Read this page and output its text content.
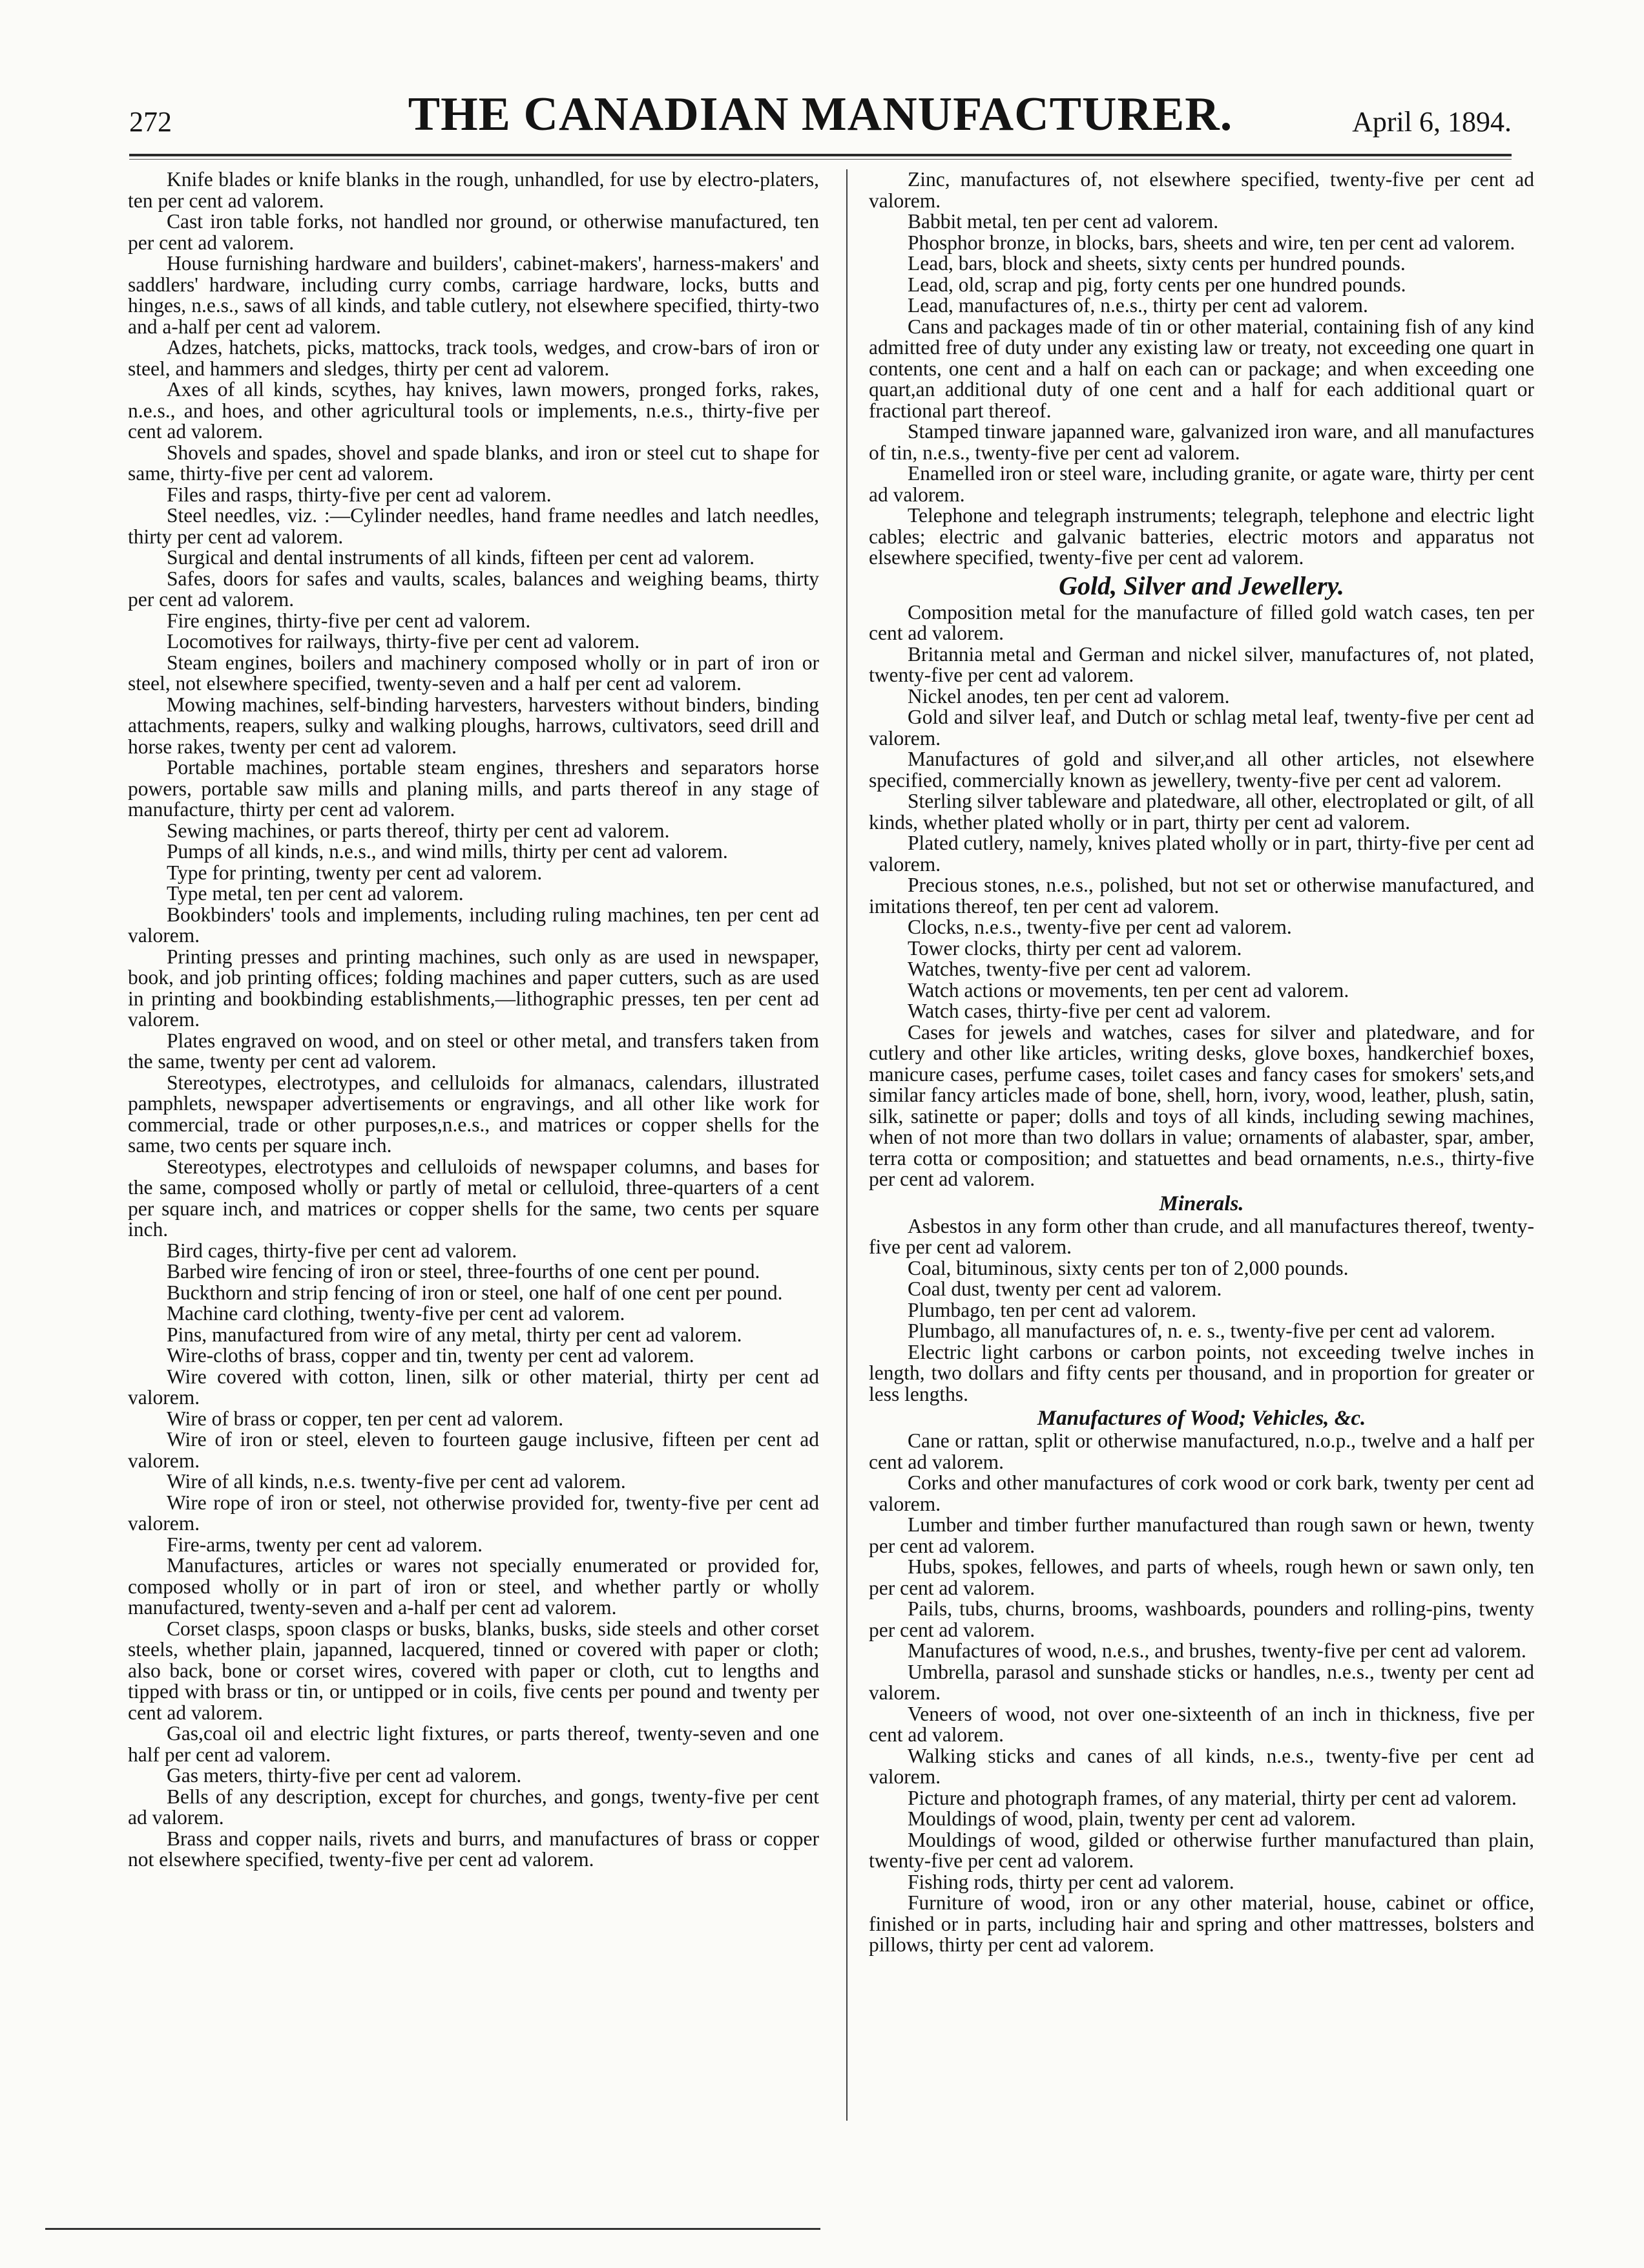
272	THE CANADIAN MANUFACTURER.	April 6, 1894.

Knife blades or knife blanks in the rough, unhandled, for use by electro-platers, ten per cent ad valorem.

Cast iron table forks, not handled nor ground, or otherwise manufactured, ten per cent ad valorem.

House furnishing hardware and builders', cabinet-makers', harness-makers' and saddlers' hardware, including curry combs, carriage hardware, locks, butts and hinges, n.e.s., saws of all kinds, and table cutlery, not elsewhere specified, thirty-two and a-half per cent ad valorem.

Adzes, hatchets, picks, mattocks, track tools, wedges, and crow-bars of iron or steel, and hammers and sledges, thirty per cent ad valorem.

Axes of all kinds, scythes, hay knives, lawn mowers, pronged forks, rakes, n.e.s., and hoes, and other agricultural tools or implements, n.e.s., thirty-five per cent ad valorem.

Shovels and spades, shovel and spade blanks, and iron or steel cut to shape for same, thirty-five per cent ad valorem.

Files and rasps, thirty-five per cent ad valorem.

Steel needles, viz. :—Cylinder needles, hand frame needles and latch needles, thirty per cent ad valorem.

Surgical and dental instruments of all kinds, fifteen per cent ad valorem.

Safes, doors for safes and vaults, scales, balances and weighing beams, thirty per cent ad valorem.

Fire engines, thirty-five per cent ad valorem.

Locomotives for railways, thirty-five per cent ad valorem.

Steam engines, boilers and machinery composed wholly or in part of iron or steel, not elsewhere specified, twenty-seven and a half per cent ad valorem.

Mowing machines, self-binding harvesters, harvesters without binders, binding attachments, reapers, sulky and walking ploughs, harrows, cultivators, seed drill and horse rakes, twenty per cent ad valorem.

Portable machines, portable steam engines, threshers and separators horse powers, portable saw mills and planing mills, and parts thereof in any stage of manufacture, thirty per cent ad valorem.

Sewing machines, or parts thereof, thirty per cent ad valorem.

Pumps of all kinds, n.e.s., and wind mills, thirty per cent ad valorem.

Type for printing, twenty per cent ad valorem.

Type metal, ten per cent ad valorem.

Bookbinders' tools and implements, including ruling machines, ten per cent ad valorem.

Printing presses and printing machines, such only as are used in newspaper, book, and job printing offices; folding machines and paper cutters, such as are used in printing and bookbinding establishments,—lithographic presses, ten per cent ad valorem.

Plates engraved on wood, and on steel or other metal, and transfers taken from the same, twenty per cent ad valorem.

Stereotypes, electrotypes, and celluloids for almanacs, calendars, illustrated pamphlets, newspaper advertisements or engravings, and all other like work for commercial, trade or other purposes,n.e.s., and matrices or copper shells for the same, two cents per square inch.

Stereotypes, electrotypes and celluloids of newspaper columns, and bases for the same, composed wholly or partly of metal or celluloid, three-quarters of a cent per square inch, and matrices or copper shells for the same, two cents per square inch.

Bird cages, thirty-five per cent ad valorem.

Barbed wire fencing of iron or steel, three-fourths of one cent per pound.

Buckthorn and strip fencing of iron or steel, one half of one cent per pound.

Machine card clothing, twenty-five per cent ad valorem.

Pins, manufactured from wire of any metal, thirty per cent ad valorem.

Wire-cloths of brass, copper and tin, twenty per cent ad valorem.

Wire covered with cotton, linen, silk or other material, thirty per cent ad valorem.

Wire of brass or copper, ten per cent ad valorem.

Wire of iron or steel, eleven to fourteen gauge inclusive, fifteen per cent ad valorem.

Wire of all kinds, n.e.s. twenty-five per cent ad valorem.

Wire rope of iron or steel, not otherwise provided for, twenty-five per cent ad valorem.

Fire-arms, twenty per cent ad valorem.

Manufactures, articles or wares not specially enumerated or provided for, composed wholly or in part of iron or steel, and whether partly or wholly manufactured, twenty-seven and a-half per cent ad valorem.

Corset clasps, spoon clasps or busks, blanks, busks, side steels and other corset steels, whether plain, japanned, lacquered, tinned or covered with paper or cloth; also back, bone or corset wires, covered with paper or cloth, cut to lengths and tipped with brass or tin, or untipped or in coils, five cents per pound and twenty per cent ad valorem.

Gas,coal oil and electric light fixtures, or parts thereof, twenty-seven and one half per cent ad valorem.

Gas meters, thirty-five per cent ad valorem.

Bells of any description, except for churches, and gongs, twenty-five per cent ad valorem.

Brass and copper nails, rivets and burrs, and manufactures of brass or copper not elsewhere specified, twenty-five per cent ad valorem.

Zinc, manufactures of, not elsewhere specified, twenty-five per cent ad valorem.

Babbit metal, ten per cent ad valorem.

Phosphor bronze, in blocks, bars, sheets and wire, ten per cent ad valorem.

Lead, bars, block and sheets, sixty cents per hundred pounds.

Lead, old, scrap and pig, forty cents per one hundred pounds.

Lead, manufactures of, n.e.s., thirty per cent ad valorem.

Cans and packages made of tin or other material, containing fish of any kind admitted free of duty under any existing law or treaty, not exceeding one quart in contents, one cent and a half on each can or package; and when exceeding one quart,an additional duty of one cent and a half for each additional quart or fractional part thereof.

Stamped tinware japanned ware, galvanized iron ware, and all manufactures of tin, n.e.s., twenty-five per cent ad valorem.

Enamelled iron or steel ware, including granite, or agate ware, thirty per cent ad valorem.

Telephone and telegraph instruments; telegraph, telephone and electric light cables; electric and galvanic batteries, electric motors and apparatus not elsewhere specified, twenty-five per cent ad valorem.

Gold, Silver and Jewellery.

Composition metal for the manufacture of filled gold watch cases, ten per cent ad valorem.

Britannia metal and German and nickel silver, manufactures of, not plated, twenty-five per cent ad valorem.

Nickel anodes, ten per cent ad valorem.

Gold and silver leaf, and Dutch or schlag metal leaf, twenty-five per cent ad valorem.

Manufactures of gold and silver,and all other articles, not elsewhere specified, commercially known as jewellery, twenty-five per cent ad valorem.

Sterling silver tableware and platedware, all other, electroplated or gilt, of all kinds, whether plated wholly or in part, thirty per cent ad valorem.

Plated cutlery, namely, knives plated wholly or in part, thirty-five per cent ad valorem.

Precious stones, n.e.s., polished, but not set or otherwise manufactured, and imitations thereof, ten per cent ad valorem.

Clocks, n.e.s., twenty-five per cent ad valorem.

Tower clocks, thirty per cent ad valorem.

Watches, twenty-five per cent ad valorem.

Watch actions or movements, ten per cent ad valorem.

Watch cases, thirty-five per cent ad valorem.

Cases for jewels and watches, cases for silver and platedware, and for cutlery and other like articles, writing desks, glove boxes, handkerchief boxes, manicure cases, perfume cases, toilet cases and fancy cases for smokers' sets,and similar fancy articles made of bone, shell, horn, ivory, wood, leather, plush, satin, silk, satinette or paper; dolls and toys of all kinds, including sewing machines, when of not more than two dollars in value; ornaments of alabaster, spar, amber, terra cotta or composition; and statuettes and bead ornaments, n.e.s., thirty-five per cent ad valorem.

Minerals.

Asbestos in any form other than crude, and all manufactures thereof, twenty-five per cent ad valorem.

Coal, bituminous, sixty cents per ton of 2,000 pounds.

Coal dust, twenty per cent ad valorem.

Plumbago, ten per cent ad valorem.

Plumbago, all manufactures of, n. e. s., twenty-five per cent ad valorem.

Electric light carbons or carbon points, not exceeding twelve inches in length, two dollars and fifty cents per thousand, and in proportion for greater or less lengths.

Manufactures of Wood; Vehicles, &c.

Cane or rattan, split or otherwise manufactured, n.o.p., twelve and a half per cent ad valorem.

Corks and other manufactures of cork wood or cork bark, twenty per cent ad valorem.

Lumber and timber further manufactured than rough sawn or hewn, twenty per cent ad valorem.

Hubs, spokes, fellowes, and parts of wheels, rough hewn or sawn only, ten per cent ad valorem.

Pails, tubs, churns, brooms, washboards, pounders and rolling-pins, twenty per cent ad valorem.

Manufactures of wood, n.e.s., and brushes, twenty-five per cent ad valorem.

Umbrella, parasol and sunshade sticks or handles, n.e.s., twenty per cent ad valorem.

Veneers of wood, not over one-sixteenth of an inch in thickness, five per cent ad valorem.

Walking sticks and canes of all kinds, n.e.s., twenty-five per cent ad valorem.

Picture and photograph frames, of any material, thirty per cent ad valorem.

Mouldings of wood, plain, twenty per cent ad valorem.

Mouldings of wood, gilded or otherwise further manufactured than plain, twenty-five per cent ad valorem.

Fishing rods, thirty per cent ad valorem.

Furniture of wood, iron or any other material, house, cabinet or office, finished or in parts, including hair and spring and other mattresses, bolsters and pillows, thirty per cent ad valorem.
